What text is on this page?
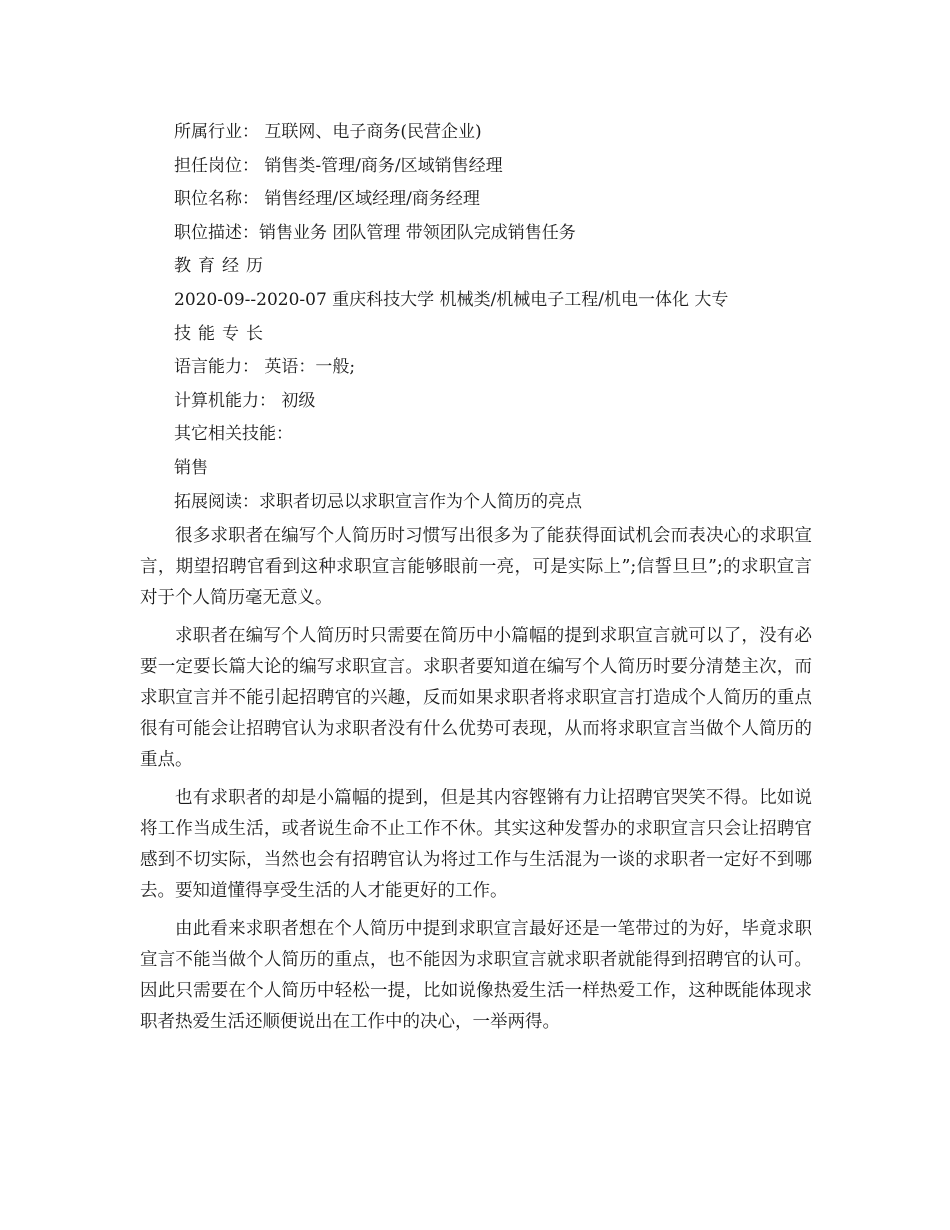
所属行业： 互联网、电子商务(民营企业)
担任岗位： 销售类-管理/商务/区域销售经理
职位名称： 销售经理/区域经理/商务经理
职位描述：销售业务 团队管理 带领团队完成销售任务
教育经历
2020-09--2020-07 重庆科技大学 机械类/机械电子工程/机电一体化 大专
技能专长
语言能力： 英语：一般;
计算机能力： 初级
其它相关技能：
销售
拓展阅读：求职者切忌以求职宣言作为个人简历的亮点

很多求职者在编写个人简历时习惯写出很多为了能获得面试机会而表决心的求职宣言，期望招聘官看到这种求职宣言能够眼前一亮，可是实际上”;信誓旦旦”;的求职宣言对于个人简历毫无意义。

求职者在编写个人简历时只需要在简历中小篇幅的提到求职宣言就可以了，没有必要一定要长篇大论的编写求职宣言。求职者要知道在编写个人简历时要分清楚主次，而求职宣言并不能引起招聘官的兴趣，反而如果求职者将求职宣言打造成个人简历的重点很有可能会让招聘官认为求职者没有什么优势可表现，从而将求职宣言当做个人简历的重点。

也有求职者的却是小篇幅的提到，但是其内容铿锵有力让招聘官哭笑不得。比如说将工作当成生活，或者说生命不止工作不休。其实这种发誓办的求职宣言只会让招聘官感到不切实际，当然也会有招聘官认为将过工作与生活混为一谈的求职者一定好不到哪去。要知道懂得享受生活的人才能更好的工作。

由此看来求职者想在个人简历中提到求职宣言最好还是一笔带过的为好，毕竟求职宣言不能当做个人简历的重点，也不能因为求职宣言就求职者就能得到招聘官的认可。因此只需要在个人简历中轻松一提，比如说像热爱生活一样热爱工作，这种既能体现求职者热爱生活还顺便说出在工作中的决心，一举两得。
